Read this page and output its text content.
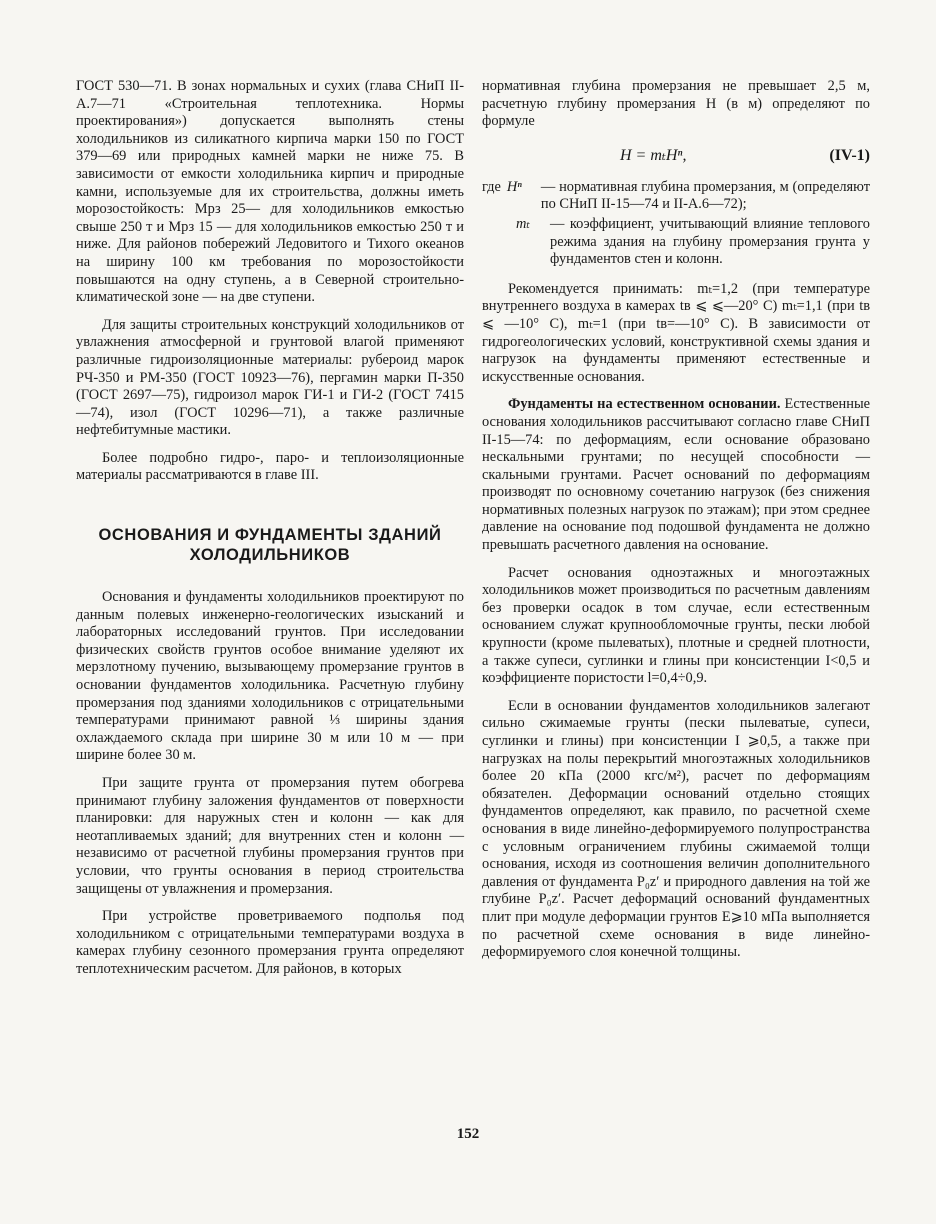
ГОСТ 530—71. В зонах нормальных и сухих (глава СНиП II-А.7—71 «Строительная теплотехника. Нормы проектирования») допускается выполнять стены холодильников из силикатного кирпича марки 150 по ГОСТ 379—69 или природных камней марки не ниже 75. В зависимости от емкости холодильника кирпич и природные камни, используемые для их строительства, должны иметь морозостойкость: Мрз 25— для холодильников емкостью свыше 250 т и Мрз 15 — для холодильников емкостью 250 т и ниже. Для районов побережий Ледовитого и Тихого океанов на ширину 100 км требования по морозостойкости повышаются на одну ступень, а в Северной строительно-климатической зоне — на две ступени.

Для защиты строительных конструкций холодильников от увлажнения атмосферной и грунтовой влагой применяют различные гидроизоляционные материалы: рубероид марок РЧ-350 и РМ-350 (ГОСТ 10923—76), пергамин марки П-350 (ГОСТ 2697—75), гидроизол марок ГИ-1 и ГИ-2 (ГОСТ 7415—74), изол (ГОСТ 10296—71), а также различные нефтебитумные мастики.

Более подробно гидро-, паро- и теплоизоляционные материалы рассматриваются в главе III.

ОСНОВАНИЯ И ФУНДАМЕНТЫ ЗДАНИЙ ХОЛОДИЛЬНИКОВ

Основания и фундаменты холодильников проектируют по данным полевых инженерно-геологических изысканий и лабораторных исследований грунтов. При исследовании физических свойств грунтов особое внимание уделяют их мерзлотному пучению, вызывающему промерзание грунтов в основании фундаментов холодильника. Расчетную глубину промерзания под зданиями холодильников с отрицательными температурами принимают равной ⅓ ширины здания охлаждаемого склада при ширине 30 м или 10 м — при ширине более 30 м.

При защите грунта от промерзания путем обогрева принимают глубину заложения фундаментов от поверхности планировки: для наружных стен и колонн — как для неотапливаемых зданий; для внутренних стен и колонн — независимо от расчетной глубины промерзания грунтов при условии, что грунты основания в период строительства защищены от увлажнения и промерзания.

При устройстве проветриваемого подполья под холодильником с отрицательными температурами воздуха в камерах глубину сезонного промерзания грунта определяют теплотехническим расчетом. Для районов, в которых

нормативная глубина промерзания не превышает 2,5 м, расчетную глубину промерзания H (в м) определяют по формуле

H = mₜHⁿ,	(IV-1)
где Hⁿ	— нормативная глубина промерзания, м (определяют по СНиП II-15—74 и II-А.6—72);
mₜ	— коэффициент, учитывающий влияние теплового режима здания на глубину промерзания грунта у фундаментов стен и колонн.

Рекомендуется принимать: mₜ=1,2 (при температуре внутреннего воздуха в камерах tв ⩽ ⩽—20° С) mₜ=1,1 (при tв ⩽ —10° С), mₜ=1 (при tв=—10° С). В зависимости от гидрогеологических условий, конструктивной схемы здания и нагрузок на фундаменты применяют естественные и искусственные основания.

Фундаменты на естественном основании. Естественные основания холодильников рассчитывают согласно главе СНиП II-15—74: по деформациям, если основание образовано нескальными грунтами; по несущей способности — скальными грунтами. Расчет оснований по деформациям производят по основному сочетанию нагрузок (без снижения нормативных полезных нагрузок по этажам); при этом среднее давление на основание под подошвой фундамента не должно превышать расчетного давления на основание.

Расчет основания одноэтажных и многоэтажных холодильников может производиться по расчетным давлениям без проверки осадок в том случае, если естественным основанием служат крупнообломочные грунты, пески любой крупности (кроме пылеватых), плотные и средней плотности, а также супеси, суглинки и глины при консистенции I<0,5 и коэффициенте пористости l=0,4÷0,9.

Если в основании фундаментов холодильников залегают сильно сжимаемые грунты (пески пылеватые, супеси, суглинки и глины) при консистенции I ⩾0,5, а также при нагрузках на полы перекрытий многоэтажных холодильников более 20 кПа (2000 кгс/м²), расчет по деформациям обязателен. Деформации оснований отдельно стоящих фундаментов определяют, как правило, по расчетной схеме основания в виде линейно-деформируемого полупространства с условным ограничением глубины сжимаемой толщи основания, исходя из соотношения величин дополнительного давления от фундамента P₀z′ и природного давления на той же глубине P₀z′. Расчет деформаций оснований фундаментных плит при модуле деформации грунтов E⩾10 мПа выполняется по расчетной схеме основания в виде линейно-деформируемого слоя конечной толщины.

152
